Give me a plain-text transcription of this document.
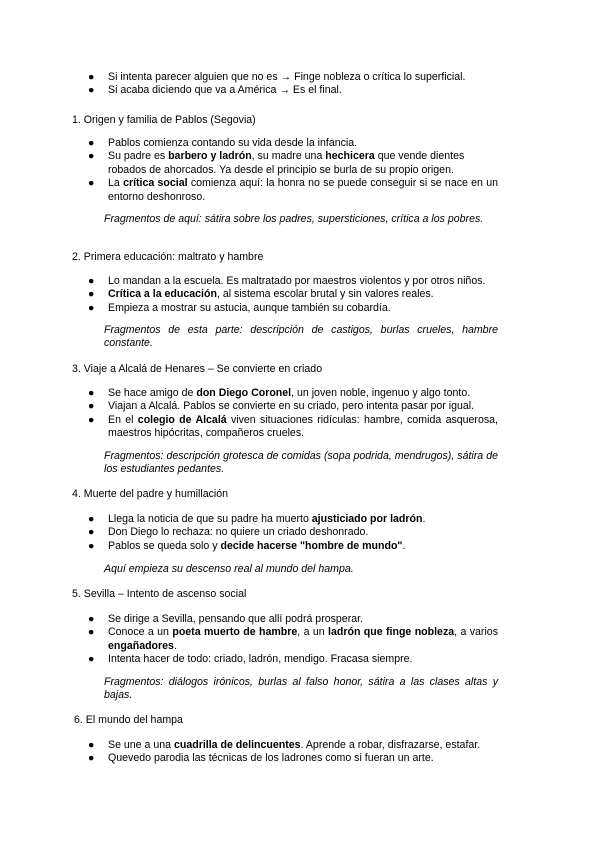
● Si intenta parecer alguien que no es → Finge nobleza o crítica lo superficial.
● Si acaba diciendo que va a América → Es el final.
1. Origen y familia de Pablos (Segovia)
● Pablos comienza contando su vida desde la infancia.
● Su padre es barbero y ladrón, su madre una hechicera que vende dientes robados de ahorcados. Ya desde el principio se burla de su propio origen.
● La crítica social comienza aquí: la honra no se puede conseguir si se nace en un entorno deshonroso.
Fragmentos de aquí: sátira sobre los padres, supersticiones, crítica a los pobres.
2. Primera educación: maltrato y hambre
● Lo mandan a la escuela. Es maltratado por maestros violentos y por otros niños.
● Crítica a la educación, al sistema escolar brutal y sin valores reales.
● Empieza a mostrar su astucia, aunque también su cobardía.
Fragmentos de esta parte: descripción de castigos, burlas crueles, hambre constante.
3. Viaje a Alcalá de Henares – Se convierte en criado
● Se hace amigo de don Diego Coronel, un joven noble, ingenuo y algo tonto.
● Viajan a Alcalá. Pablos se convierte en su criado, pero intenta pasar por igual.
● En el colegio de Alcalá viven situaciones ridículas: hambre, comida asquerosa, maestros hipócritas, compañeros crueles.
Fragmentos: descripción grotesca de comidas (sopa podrida, mendrugos), sátira de los estudiantes pedantes.
4. Muerte del padre y humillación
● Llega la noticia de que su padre ha muerto ajusticiado por ladrón.
● Don Diego lo rechaza: no quiere un criado deshonrado.
● Pablos se queda solo y decide hacerse "hombre de mundo".
Aquí empieza su descenso real al mundo del hampa.
5. Sevilla – Intento de ascenso social
● Se dirige a Sevilla, pensando que allí podrá prosperar.
● Conoce a un poeta muerto de hambre, a un ladrón que finge nobleza, a varios engañadores.
● Intenta hacer de todo: criado, ladrón, mendigo. Fracasa siempre.
Fragmentos: diálogos irónicos, burlas al falso honor, sátira a las clases altas y bajas.
6. El mundo del hampa
● Se une a una cuadrilla de delincuentes. Aprende a robar, disfrazarse, estafar.
● Quevedo parodia las técnicas de los ladrones como si fueran un arte.
